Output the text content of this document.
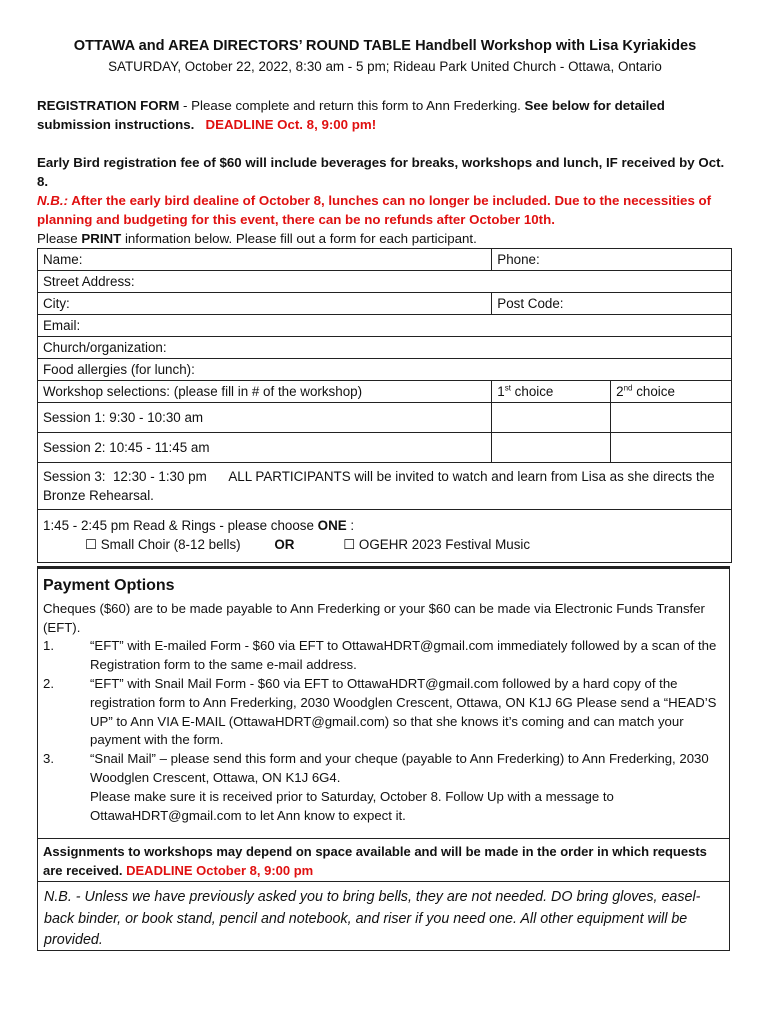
OTTAWA and AREA DIRECTORS’ ROUND TABLE Handbell Workshop with Lisa Kyriakides
SATURDAY, October 22, 2022, 8:30 am - 5 pm; Rideau Park United Church - Ottawa, Ontario
REGISTRATION FORM - Please complete and return this form to Ann Frederking. See below for detailed submission instructions. DEADLINE Oct. 8, 9:00 pm!
Early Bird registration fee of $60 will include beverages for breaks, workshops and lunch, IF received by Oct. 8.
N.B.: After the early bird dealine of October 8, lunches can no longer be included. Due to the necessities of planning and budgeting for this event, there can be no refunds after October 10th.
Please PRINT information below. Please fill out a form for each participant.
Name:	Phone:	
Street Address:		
City:	Post Code:	
Email:		
Church/organization:		
Food allergies (for lunch):		
Workshop selections: (please fill in # of the workshop)	1st choice	2nd choice
Session 1: 9:30 - 10:30 am		
Session 2: 10:45 - 11:45 am		
Session 3:  12:30 - 1:30 pm      ALL PARTICIPANTS will be invited to watch and learn from Lisa as she directs the Bronze Rehearsal.		

1:45 - 2:45 pm Read & Rings - please choose ONE :
☐ Small Choir (8-12 bells) OR ☐ OGEHR 2023 Festival Music		
Payment Options
Cheques ($60) are to be made payable to Ann Frederking or your $60 can be made via Electronic Funds Transfer (EFT).
1.	“EFT” with E-mailed Form - $60 via EFT to OttawaHDRT@gmail.com immediately followed by a scan of the Registration form to the same e-mail address.
2.	“EFT” with Snail Mail Form - $60 via EFT to OttawaHDRT@gmail.com followed by a hard copy of the registration form to Ann Frederking, 2030 Woodglen Crescent, Ottawa, ON K1J 6G Please send a “HEAD’S UP” to Ann VIA E-MAIL (OttawaHDRT@gmail.com) so that she knows it’s coming and can match your payment with the form.
3.	“Snail Mail” – please send this form and your cheque (payable to Ann Frederking) to Ann Frederking, 2030 Woodglen Crescent, Ottawa, ON K1J 6G4.
Please make sure it is received prior to Saturday, October 8. Follow Up with a message to OttawaHDRT@gmail.com to let Ann know to expect it.
Assignments to workshops may depend on space available and will be made in the order in which requests are received. DEADLINE October 8, 9:00 pm
N.B. - Unless we have previously asked you to bring bells, they are not needed. DO bring gloves, easel-back binder, or book stand, pencil and notebook, and riser if you need one. All other equipment will be provided.
